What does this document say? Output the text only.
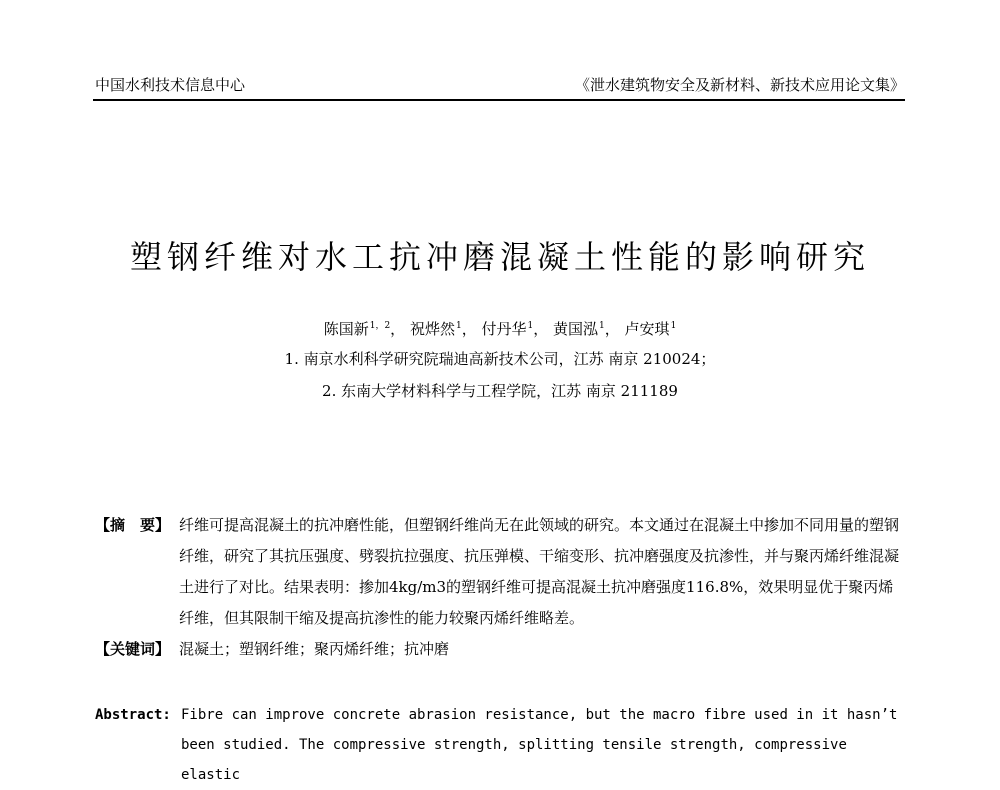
中国水利技术信息中心	《泄水建筑物安全及新材料、新技术应用论文集》
塑钢纤维对水工抗冲磨混凝土性能的影响研究
陈国新$^{1,2}$， 祝烨然$^1$， 付丹华$^1$， 黄国泓$^1$， 卢安琪$^1$
1. 南京水利科学研究院瑞迪高新技术公司，江苏 南京 210024；
2. 东南大学材料科学与工程学院，江苏 南京 211189
【摘　要】 纤维可提高混凝土的抗冲磨性能，但塑钢纤维尚无在此领域的研究。本文通过在混凝土中掺加不同用量的塑钢纤维，研究了其抗压强度、劈裂抗拉强度、抗压弹模、干缩变形、抗冲磨强度及抗渗性，并与聚丙烯纤维混凝土进行了对比。结果表明：掺加4kg/m3的塑钢纤维可提高混凝土抗冲磨强度116.8%，效果明显优于聚丙烯纤维，但其限制干缩及提高抗渗性的能力较聚丙烯纤维略差。
【关键词】 混凝土；塑钢纤维；聚丙烯纤维；抗冲磨
Abstract: Fibre can improve concrete abrasion resistance, but the macro fibre used in it hasn’t been studied. The compressive strength, splitting tensile strength, compressive elastic
